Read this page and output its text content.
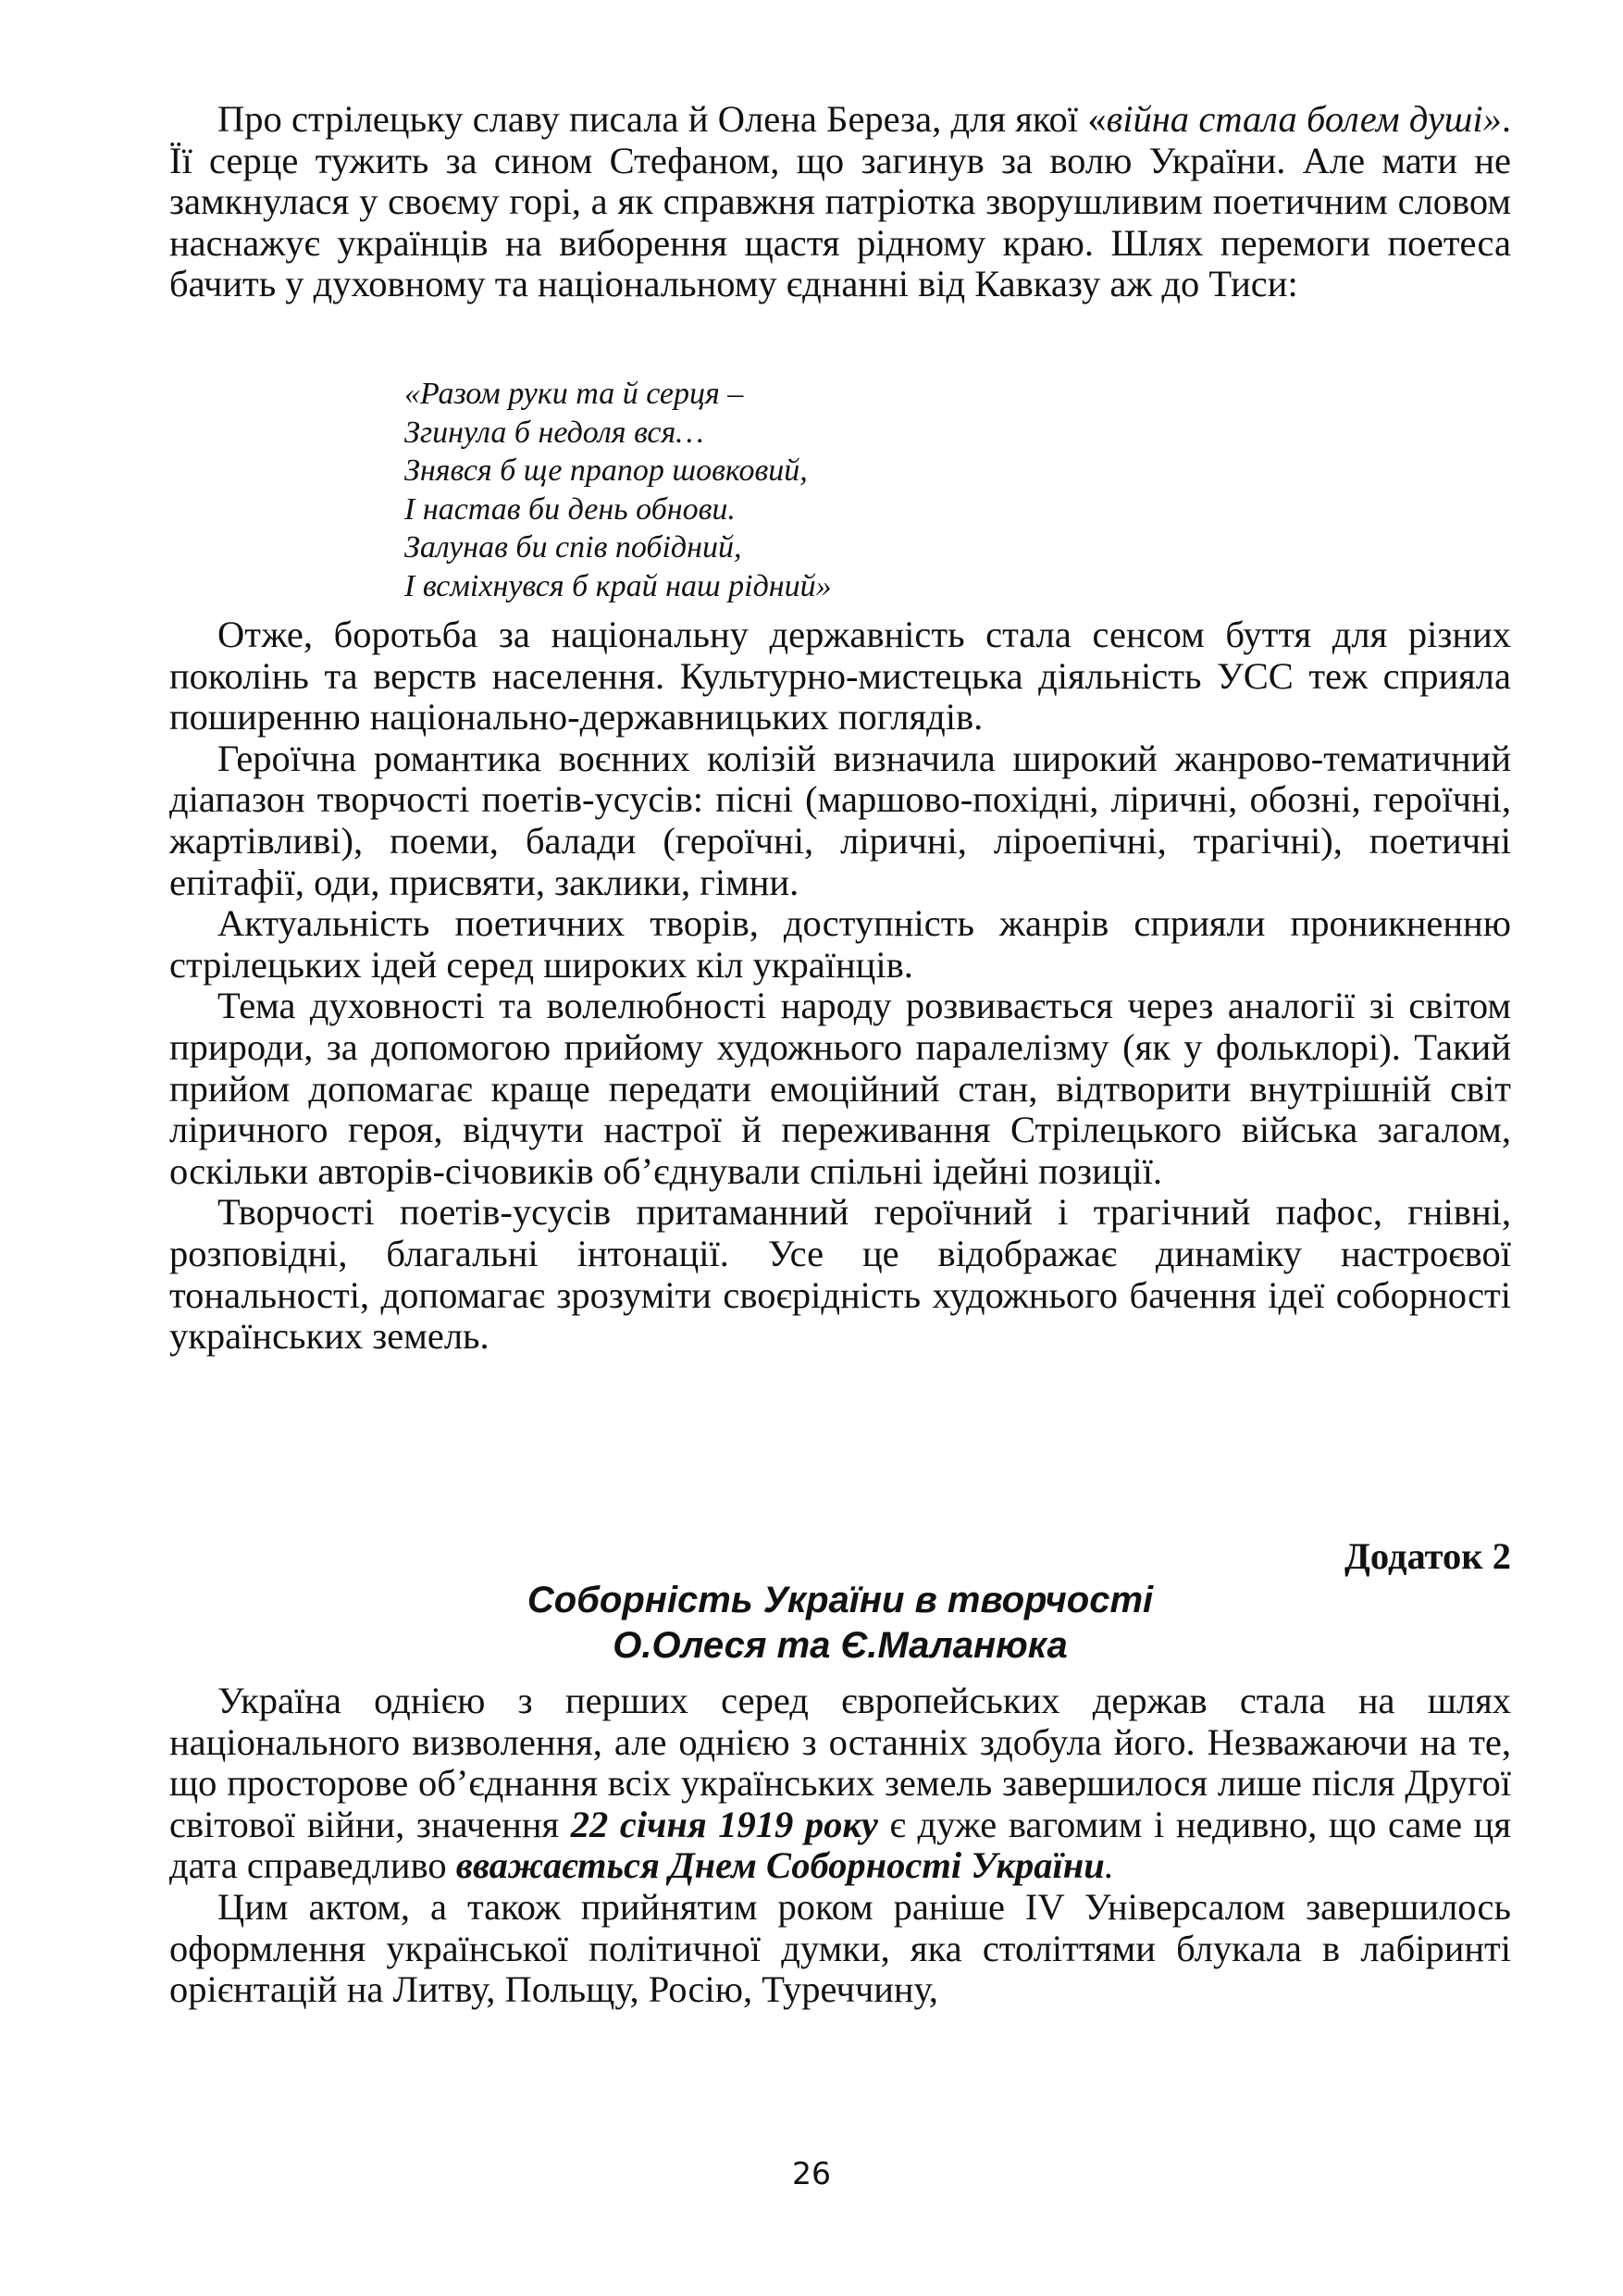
Про стрілецьку славу писала й Олена Береза, для якої «війна стала болем душі». Її серце тужить за сином Стефаном, що загинув за волю України. Але мати не замкнулася у своєму горі, а як справжня патріотка зворушливим поетичним словом наснажує українців на виборення щастя рідному краю. Шлях перемоги поетеса бачить у духовному та національному єднанні від Кавказу аж до Тиси:

«Разом руки та й серця –
Згинула б недоля вся…
Знявся б ще прапор шовковий,
І настав би день обнови.
Залунав би спів побідний,
І всміхнувся б край наш рідний»

Отже, боротьба за національну державність стала сенсом буття для різних поколінь та верств населення. Культурно-мистецька діяльність УСС теж сприяла поширенню національно-державницьких поглядів.

Героїчна романтика воєнних колізій визначила широкий жанрово-тематичний діапазон творчості поетів-усусів: пісні (маршово-похідні, ліричні, обозні, героїчні, жартівливі), поеми, балади (героїчні, ліричні, ліроепічні, трагічні), поетичні епітафії, оди, присвяти, заклики, гімни.

Актуальність поетичних творів, доступність жанрів сприяли проникненню стрілецьких ідей серед широких кіл українців.

Тема духовності та волелюбності народу розвивається через аналогії зі світом природи, за допомогою прийому художнього паралелізму (як у фольклорі). Такий прийом допомагає краще передати емоційний стан, відтворити внутрішній світ ліричного героя, відчути настрої й переживання Стрілецького війська загалом, оскільки авторів-січовиків об’єднували спільні ідейні позиції.

Творчості поетів-усусів притаманний героїчний і трагічний пафос, гнівні, розповідні, благальні інтонації. Усе це відображає динаміку настроєвої тональності, допомагає зрозуміти своєрідність художнього бачення ідеї соборності українських земель.

Додаток 2
Соборність України в творчості
О.Олеся та Є.Маланюка

Україна однією з перших серед європейських держав стала на шлях національного визволення, але однією з останніх здобула його. Незважаючи на те, що просторове об’єднання всіх українських земель завершилося лише після Другої світової війни, значення 22 січня 1919 року є дуже вагомим і недивно, що саме ця дата справедливо вважається Днем Соборності України.

Цим актом, а також прийнятим роком раніше IV Універсалом завершилось оформлення української політичної думки, яка століттями блукала в лабіринті орієнтацій на Литву, Польщу, Росію, Туреччину,

26
